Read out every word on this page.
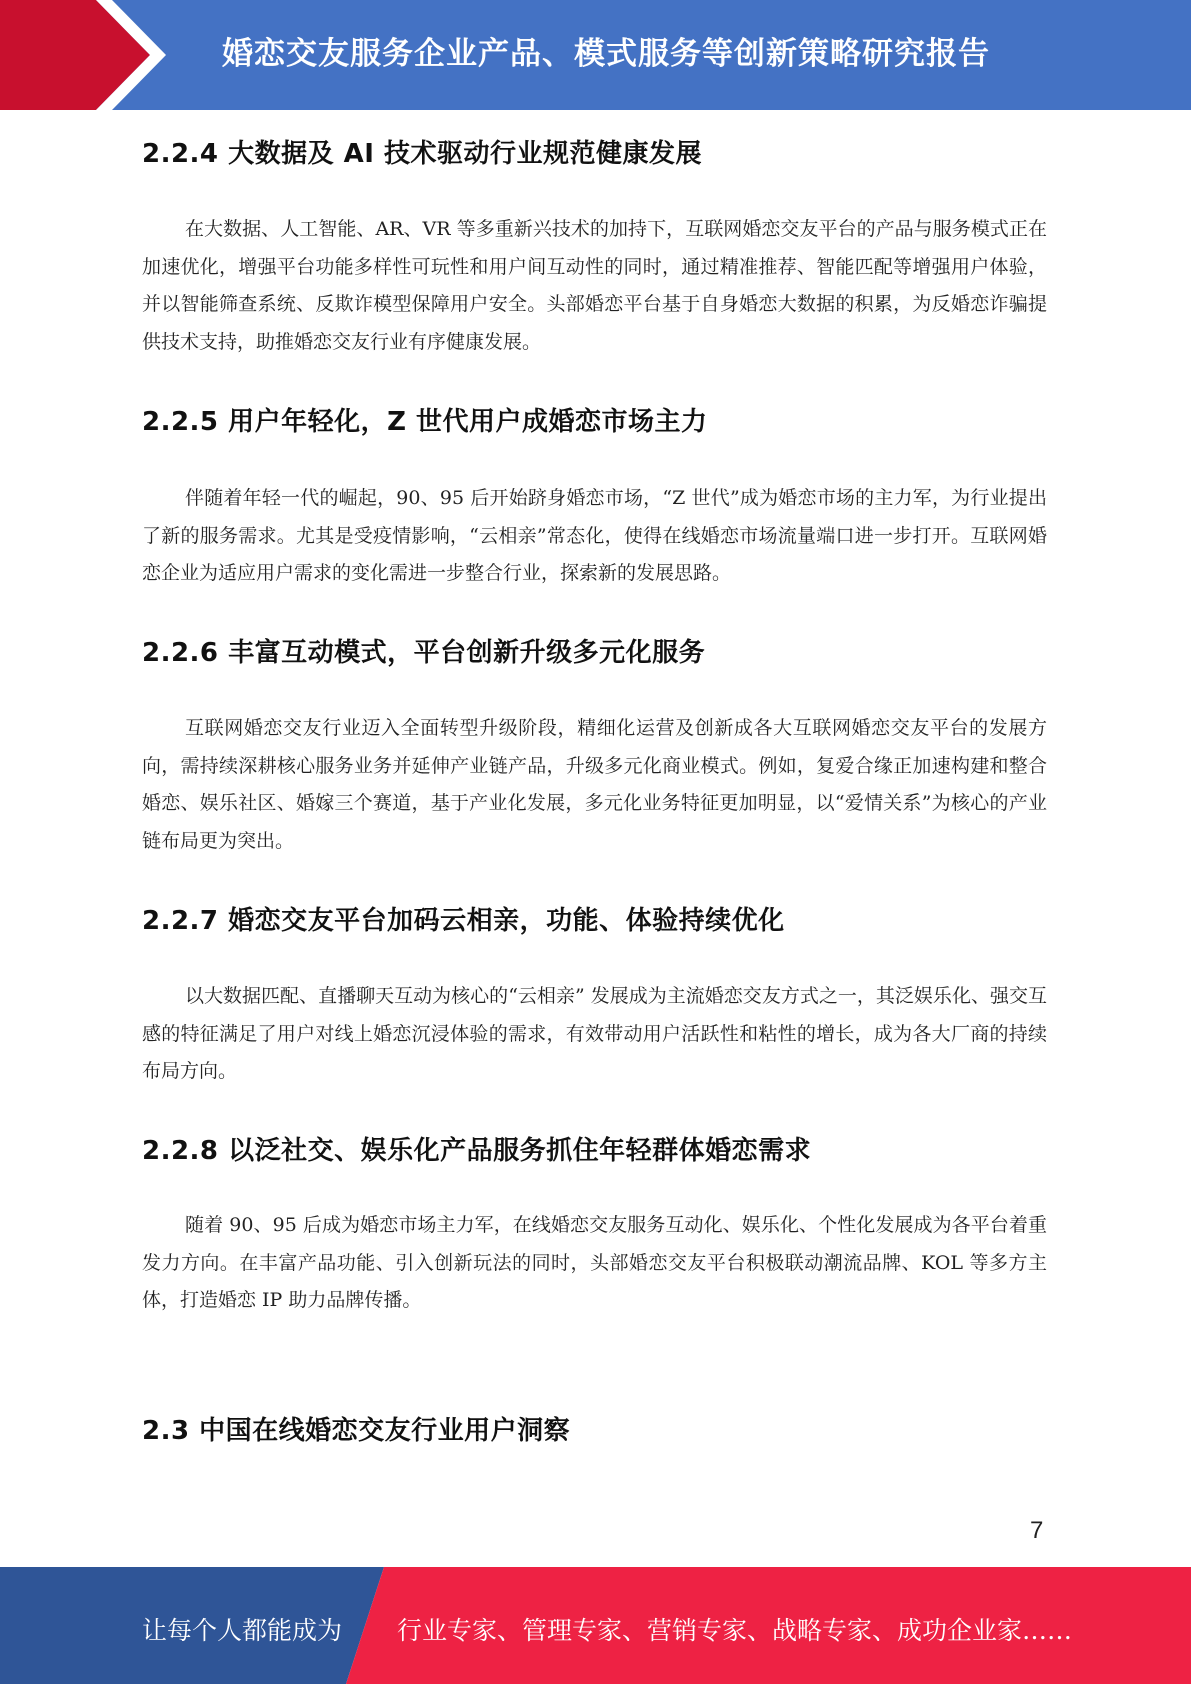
婚恋交友服务企业产品、模式服务等创新策略研究报告
2.2.4 大数据及 AI 技术驱动行业规范健康发展
在大数据、人工智能、AR、VR 等多重新兴技术的加持下，互联网婚恋交友平台的产品与服务模式正在加速优化，增强平台功能多样性可玩性和用户间互动性的同时，通过精准推荐、智能匹配等增强用户体验，并以智能筛查系统、反欺诈模型保障用户安全。头部婚恋平台基于自身婚恋大数据的积累，为反婚恋诈骗提供技术支持，助推婚恋交友行业有序健康发展。
2.2.5 用户年轻化，Z 世代用户成婚恋市场主力
伴随着年轻一代的崛起，90、95 后开始跻身婚恋市场，“Z 世代”成为婚恋市场的主力军，为行业提出了新的服务需求。尤其是受疫情影响，“云相亲”常态化，使得在线婚恋市场流量端口进一步打开。互联网婚恋企业为适应用户需求的变化需进一步整合行业，探索新的发展思路。
2.2.6 丰富互动模式，平台创新升级多元化服务
互联网婚恋交友行业迈入全面转型升级阶段，精细化运营及创新成各大互联网婚恋交友平台的发展方向，需持续深耕核心服务业务并延伸产业链产品，升级多元化商业模式。例如，复爱合缘正加速构建和整合婚恋、娱乐社区、婚嫁三个赛道，基于产业化发展，多元化业务特征更加明显，以“爱情关系”为核心的产业链布局更为突出。
2.2.7 婚恋交友平台加码云相亲，功能、体验持续优化
以大数据匹配、直播聊天互动为核心的“云相亲” 发展成为主流婚恋交友方式之一，其泛娱乐化、强交互感的特征满足了用户对线上婚恋沉浸体验的需求，有效带动用户活跃性和粘性的增长，成为各大厂商的持续布局方向。
2.2.8 以泛社交、娱乐化产品服务抓住年轻群体婚恋需求
随着 90、95 后成为婚恋市场主力军，在线婚恋交友服务互动化、娱乐化、个性化发展成为各平台着重发力方向。在丰富产品功能、引入创新玩法的同时，头部婚恋交友平台积极联动潮流品牌、KOL 等多方主体，打造婚恋 IP 助力品牌传播。
2.3 中国在线婚恋交友行业用户洞察
7
让每个人都能成为 行业专家、管理专家、营销专家、战略专家、成功企业家……
